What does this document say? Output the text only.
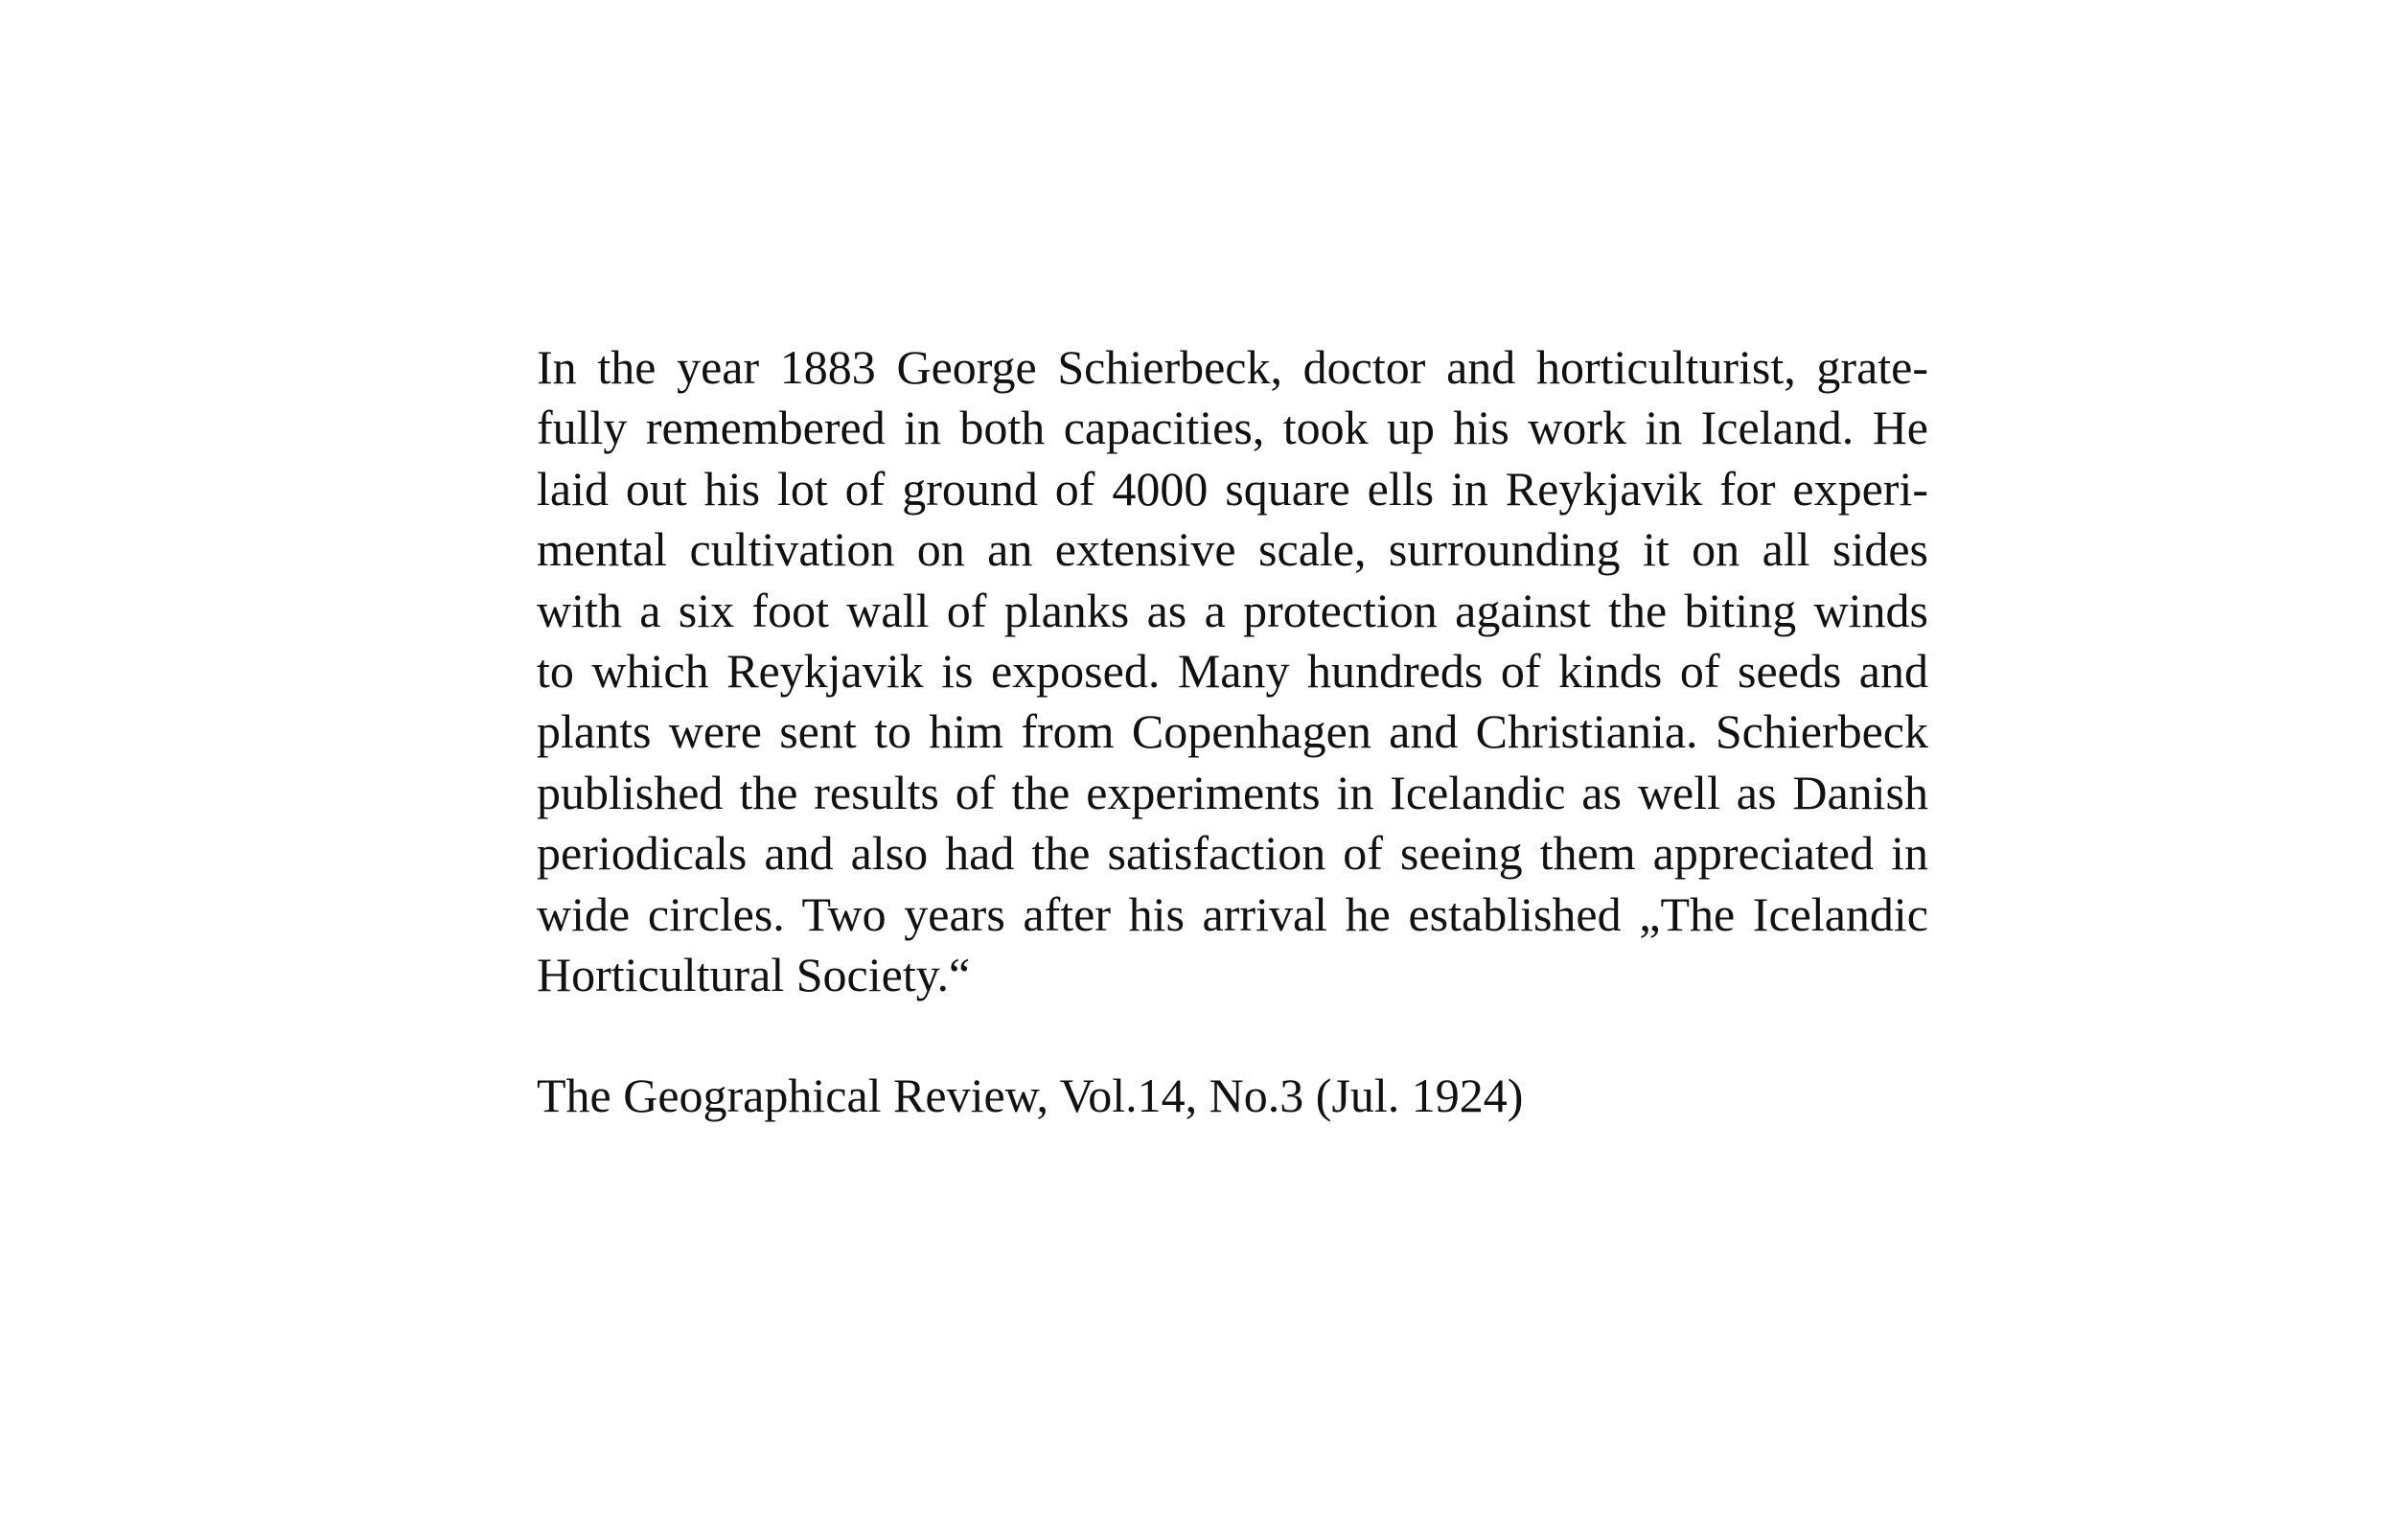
In the year 1883 George Schierbeck, doctor and horticulturist, grate-
fully remembered in both capacities, took up his work in Iceland. He
laid out his lot of ground of 4000 square ells in Reykjavik for experi-
mental cultivation on an extensive scale, surrounding it on all sides
with a six foot wall of planks as a protection against the biting winds
to which Reykjavik is exposed. Many hundreds of kinds of seeds and
plants were sent to him from Copenhagen and Christiania. Schierbeck
published the results of the experiments in Icelandic as well as Danish
periodicals and also had the satisfaction of seeing them appreciated in
wide circles. Two years after his arrival he established „The Icelandic
Horticultural Society.“
The Geographical Review, Vol.14, No.3 (Jul. 1924)
